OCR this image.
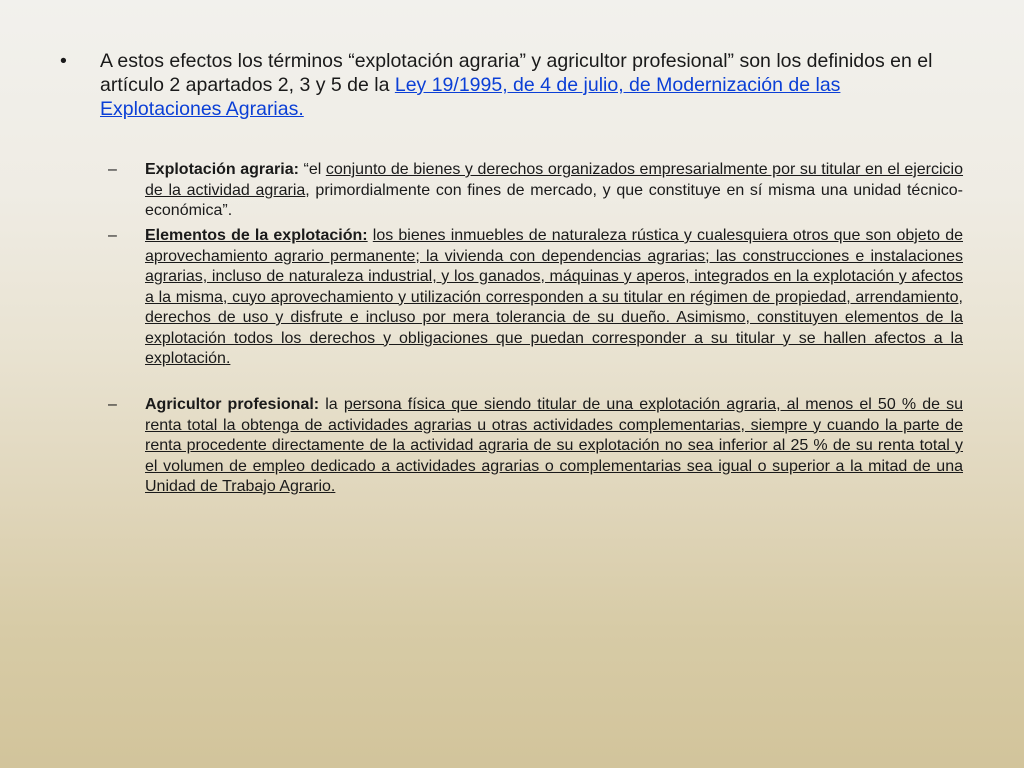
•	A estos efectos los términos “explotación agraria” y agricultor profesional” son los definidos en el artículo 2 apartados 2, 3 y 5 de la Ley 19/1995, de 4 de julio, de Modernización de las Explotaciones Agrarias.
–	Explotación agraria: “el conjunto de bienes y derechos organizados empresarialmente por su titular en el ejercicio de la actividad agraria, primordialmente con fines de mercado, y que constituye en sí misma una unidad técnico-económica”.
–	Elementos de la explotación: los bienes inmuebles de naturaleza rústica y cualesquiera otros que son objeto de aprovechamiento agrario permanente; la vivienda con dependencias agrarias; las construcciones e instalaciones agrarias, incluso de naturaleza industrial, y los ganados, máquinas y aperos, integrados en la explotación y afectos a la misma, cuyo aprovechamiento y utilización corresponden a su titular en régimen de propiedad, arrendamiento, derechos de uso y disfrute e incluso por mera tolerancia de su dueño. Asimismo, constituyen elementos de la explotación todos los derechos y obligaciones que puedan corresponder a su titular y se hallen afectos a la explotación.
–	Agricultor profesional: la persona física que siendo titular de una explotación agraria, al menos el 50 % de su renta total la obtenga de actividades agrarias u otras actividades complementarias, siempre y cuando la parte de renta procedente directamente de la actividad agraria de su explotación no sea inferior al 25 % de su renta total y el volumen de empleo dedicado a actividades agrarias o complementarias sea igual o superior a la mitad de una Unidad de Trabajo Agrario.
